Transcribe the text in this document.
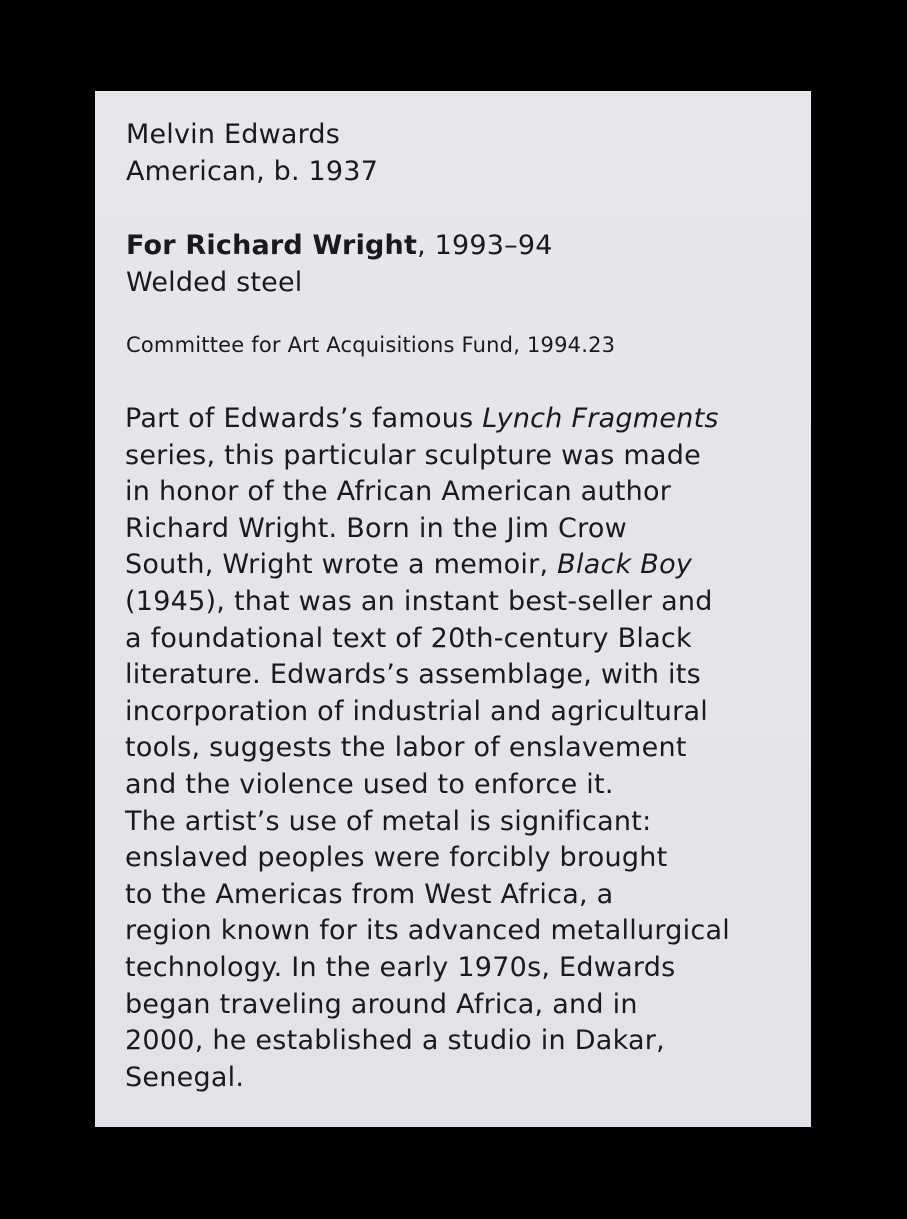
Melvin Edwards
American, b. 1937
For Richard Wright, 1993–94
Welded steel
Committee for Art Acquisitions Fund, 1994.23
Part of Edwards’s famous Lynch Fragments
series, this particular sculpture was made
in honor of the African American author
Richard Wright. Born in the Jim Crow
South, Wright wrote a memoir, Black Boy
(1945), that was an instant best-seller and
a foundational text of 20th-century Black
literature. Edwards’s assemblage, with its
incorporation of industrial and agricultural
tools, suggests the labor of enslavement
and the violence used to enforce it.
The artist’s use of metal is significant:
enslaved peoples were forcibly brought
to the Americas from West Africa, a
region known for its advanced metallurgical
technology. In the early 1970s, Edwards
began traveling around Africa, and in
2000, he established a studio in Dakar,
Senegal.
